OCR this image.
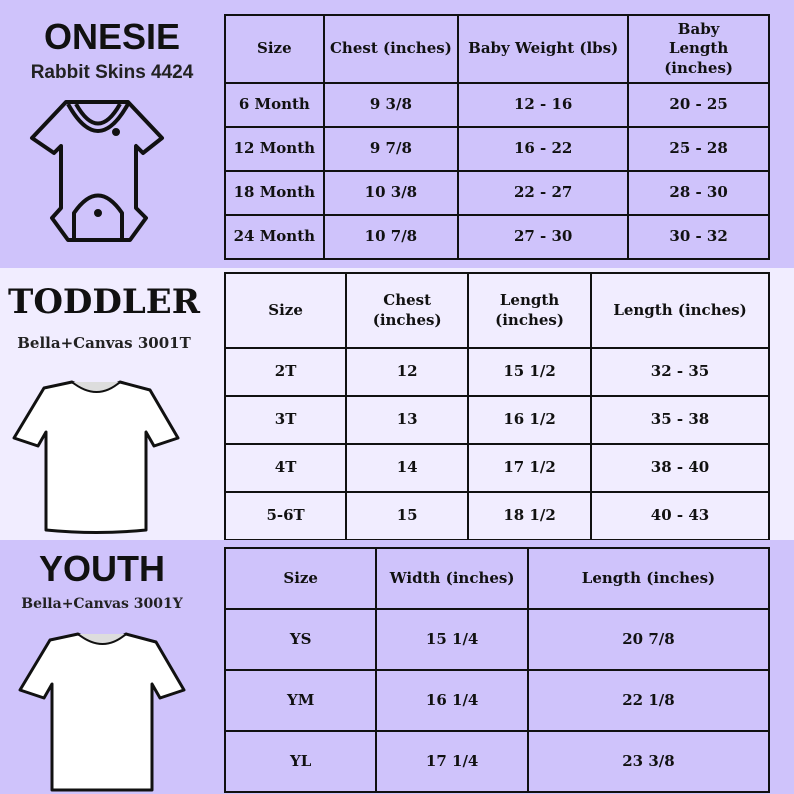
ONESIE
Rabbit Skins 4424
Size	Chest (inches)	Baby Weight (lbs)	Baby Length (inches)
6 Month	9 3/8	12 - 16	20 - 25
12 Month	9 7/8	16 - 22	25 - 28
18 Month	10 3/8	22 - 27	28 - 30
24 Month	10 7/8	27 - 30	30 - 32
TODDLER
Bella+Canvas 3001T
Size	Chest (inches)	Length (inches)	Length (inches)
2T	12	15 1/2	32 - 35
3T	13	16 1/2	35 - 38
4T	14	17 1/2	38 - 40
5-6T	15	18 1/2	40 - 43
YOUTH
Bella+Canvas 3001Y
Size	Width (inches)	Length (inches)
YS	15 1/4	20 7/8
YM	16 1/4	22 1/8
YL	17 1/4	23 3/8
